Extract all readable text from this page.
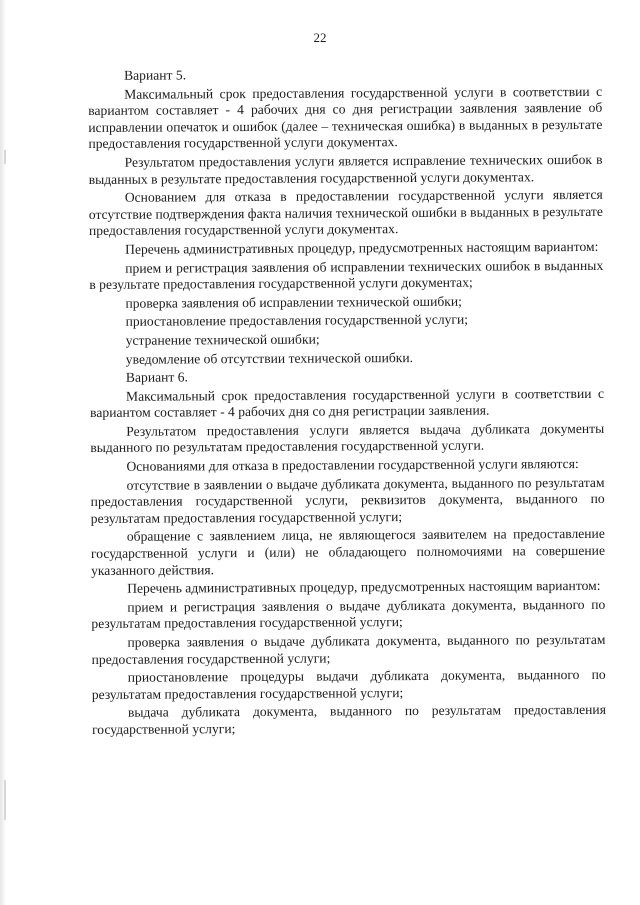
22

Вариант 5.

Максимальный срок предоставления государственной услуги в соответствии с вариантом составляет - 4 рабочих дня со дня регистрации заявления заявление об исправлении опечаток и ошибок (далее – техническая ошибка) в выданных в результате предоставления государственной услуги документах.

Результатом предоставления услуги является исправление технических ошибок в выданных в результате предоставления государственной услуги документах.

Основанием для отказа в предоставлении государственной услуги является отсутствие подтверждения факта наличия технической ошибки в выданных в результате предоставления государственной услуги документах.

Перечень административных процедур, предусмотренных настоящим вариантом:

прием и регистрация заявления об исправлении технических ошибок в выданных в результате предоставления государственной услуги документах;

проверка заявления об исправлении технической ошибки;

приостановление предоставления государственной услуги;

устранение технической ошибки;

уведомление об отсутствии технической ошибки.

Вариант 6.

Максимальный срок предоставления государственной услуги в соответствии с вариантом составляет - 4 рабочих дня со дня регистрации заявления.

Результатом предоставления услуги является выдача дубликата документы выданного по результатам предоставления государственной услуги.

Основаниями для отказа в предоставлении государственной услуги являются:

отсутствие в заявлении о выдаче дубликата документа, выданного по результатам предоставления государственной услуги, реквизитов документа, выданного по результатам предоставления государственной услуги;

обращение с заявлением лица, не являющегося заявителем на предоставление государственной услуги и (или) не обладающего полномочиями на совершение указанного действия.

Перечень административных процедур, предусмотренных настоящим вариантом:

прием и регистрация заявления о выдаче дубликата документа, выданного по результатам предоставления государственной услуги;

проверка заявления о выдаче дубликата документа, выданного по результатам предоставления государственной услуги;

приостановление процедуры выдачи дубликата документа, выданного по результатам предоставления государственной услуги;

выдача дубликата документа, выданного по результатам предоставления государственной услуги;
